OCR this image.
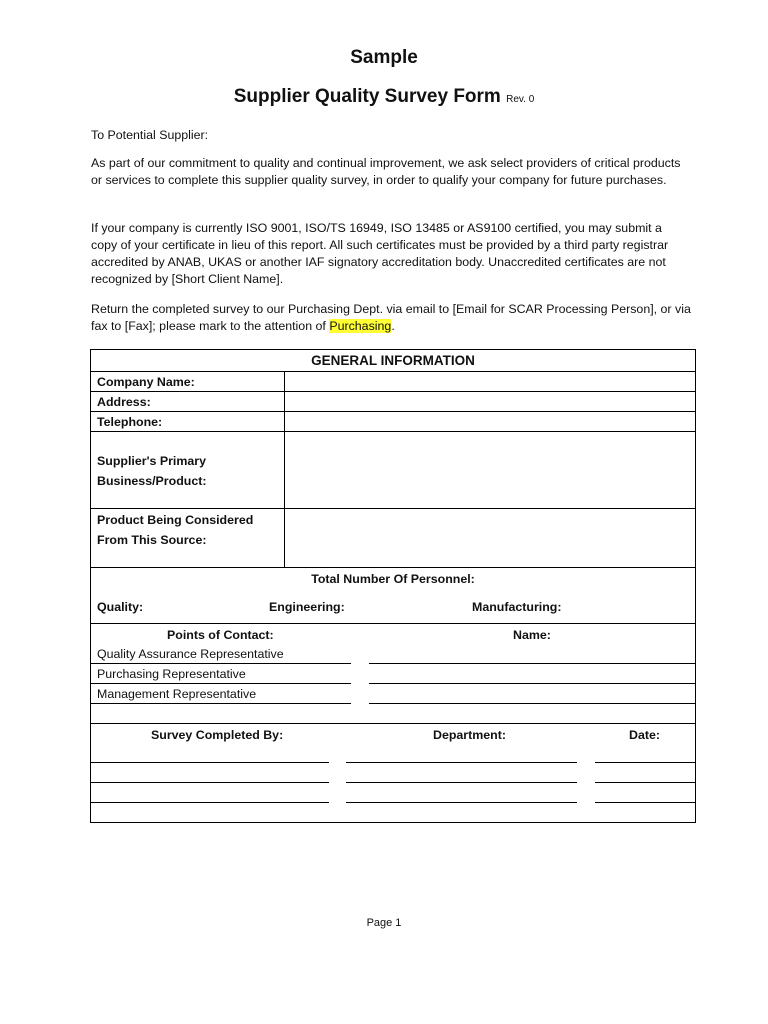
Sample
Supplier Quality Survey Form Rev. 0

To Potential Supplier:

As part of our commitment to quality and continual improvement, we ask select providers of critical products or services to complete this supplier quality survey, in order to qualify your company for future purchases.

If your company is currently ISO 9001, ISO/TS 16949, ISO 13485 or AS9100 certified, you may submit a copy of your certificate in lieu of this report. All such certificates must be provided by a third party registrar accredited by ANAB, UKAS or another IAF signatory accreditation body. Unaccredited certificates are not recognized by [Short Client Name].

Return the completed survey to our Purchasing Dept. via email to [Email for SCAR Processing Person], or via fax to [Fax]; please mark to the attention of Purchasing.

GENERAL INFORMATION
Company Name:
Address:
Telephone:
Supplier's Primary
Business/Product:
Product Being Considered
From This Source:
Total Number Of Personnel:
Quality:	Engineering:	Manufacturing:
Points of Contact:	Name:
Quality Assurance Representative
Purchasing Representative
Management Representative
Survey Completed By:	Department:	Date:
Page 1
